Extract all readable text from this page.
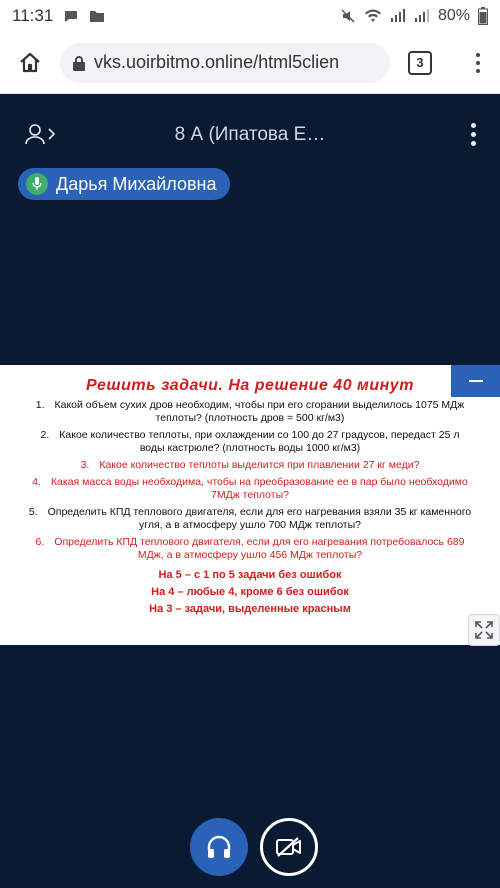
11:31	80%
vks.uoirbitmo.online/html5clien	3
8 А (Ипатова Е…
Дарья Михайловна
Решить задачи. На решение 40 минут
1. Какой объем сухих дров необходим, чтобы при его сгорании выделилось 1075 МДж теплоты? (плотность дров = 500 кг/м3)
2. Какое количество теплоты, при охлаждении со 100 до 27 градусов, передаст 25 л воды кастрюле? (плотность воды 1000 кг/м3)
3. Какое количество теплоты выделится при плавлении 27 кг меди?
4. Какая масса воды необходима, чтобы на преобразование ее в пар было необходимо 7МДж теплоты?
5. Определить КПД теплового двигателя, если для его нагревания взяли 35 кг каменного угля, а в атмосферу ушло 700 МДж теплоты?
6. Определить КПД теплового двигателя, если для его нагревания потребовалось 689 МДж, а в атмосферу ушло 456 МДж теплоты?
На 5 – с 1 по 5 задачи без ошибок
На 4 – любые 4, кроме 6 без ошибок
На 3 – задачи, выделенные красным
